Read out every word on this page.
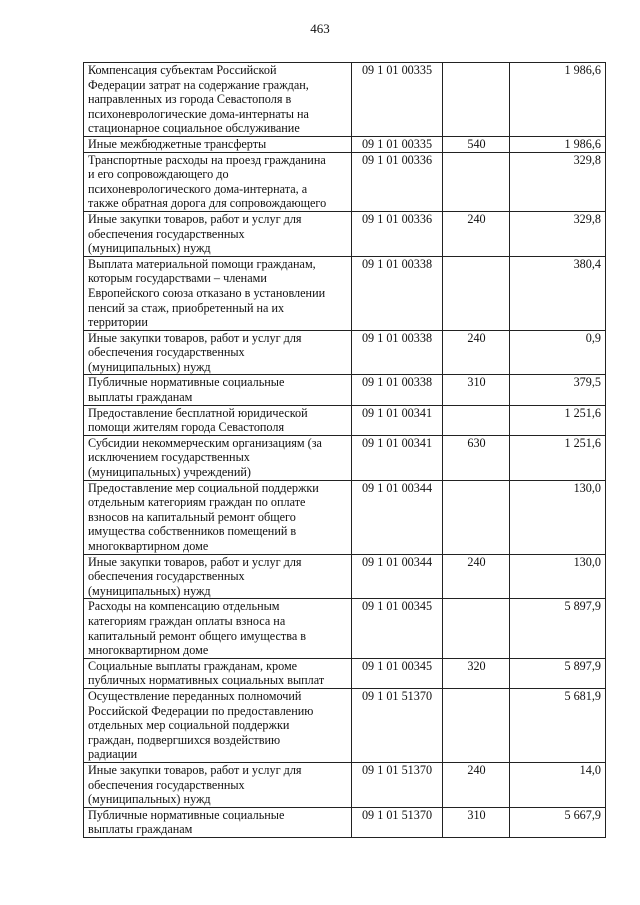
463
Компенсация субъектам Российской
Федерации затрат на содержание граждан,
направленных из города Севастополя в
психоневрологические дома-интернаты на
стационарное социальное обслуживание	09 1 01 00335		1 986,6
Иные межбюджетные трансферты	09 1 01 00335	540	1 986,6
Транспортные расходы на проезд гражданина
и его сопровождающего до
психоневрологического дома-интерната, а
также обратная дорога для сопровождающего	09 1 01 00336		329,8
Иные закупки товаров, работ и услуг для
обеспечения государственных
(муниципальных) нужд	09 1 01 00336	240	329,8
Выплата материальной помощи гражданам,
которым государствами – членами
Европейского союза отказано в установлении
пенсий за стаж, приобретенный на их
территории	09 1 01 00338		380,4
Иные закупки товаров, работ и услуг для
обеспечения государственных
(муниципальных) нужд	09 1 01 00338	240	0,9
Публичные нормативные социальные
выплаты гражданам	09 1 01 00338	310	379,5
Предоставление бесплатной юридической
помощи жителям города Севастополя	09 1 01 00341		1 251,6
Субсидии некоммерческим организациям (за
исключением государственных
(муниципальных) учреждений)	09 1 01 00341	630	1 251,6
Предоставление мер социальной поддержки
отдельным категориям граждан по оплате
взносов на капитальный ремонт общего
имущества собственников помещений в
многоквартирном доме	09 1 01 00344		130,0
Иные закупки товаров, работ и услуг для
обеспечения государственных
(муниципальных) нужд	09 1 01 00344	240	130,0
Расходы на компенсацию отдельным
категориям граждан оплаты взноса на
капитальный ремонт общего имущества в
многоквартирном доме	09 1 01 00345		5 897,9
Социальные выплаты гражданам, кроме
публичных нормативных социальных выплат	09 1 01 00345	320	5 897,9
Осуществление переданных полномочий
Российской Федерации по предоставлению
отдельных мер социальной поддержки
граждан, подвергшихся воздействию
радиации	09 1 01 51370		5 681,9
Иные закупки товаров, работ и услуг для
обеспечения государственных
(муниципальных) нужд	09 1 01 51370	240	14,0
Публичные нормативные социальные
выплаты гражданам	09 1 01 51370	310	5 667,9
